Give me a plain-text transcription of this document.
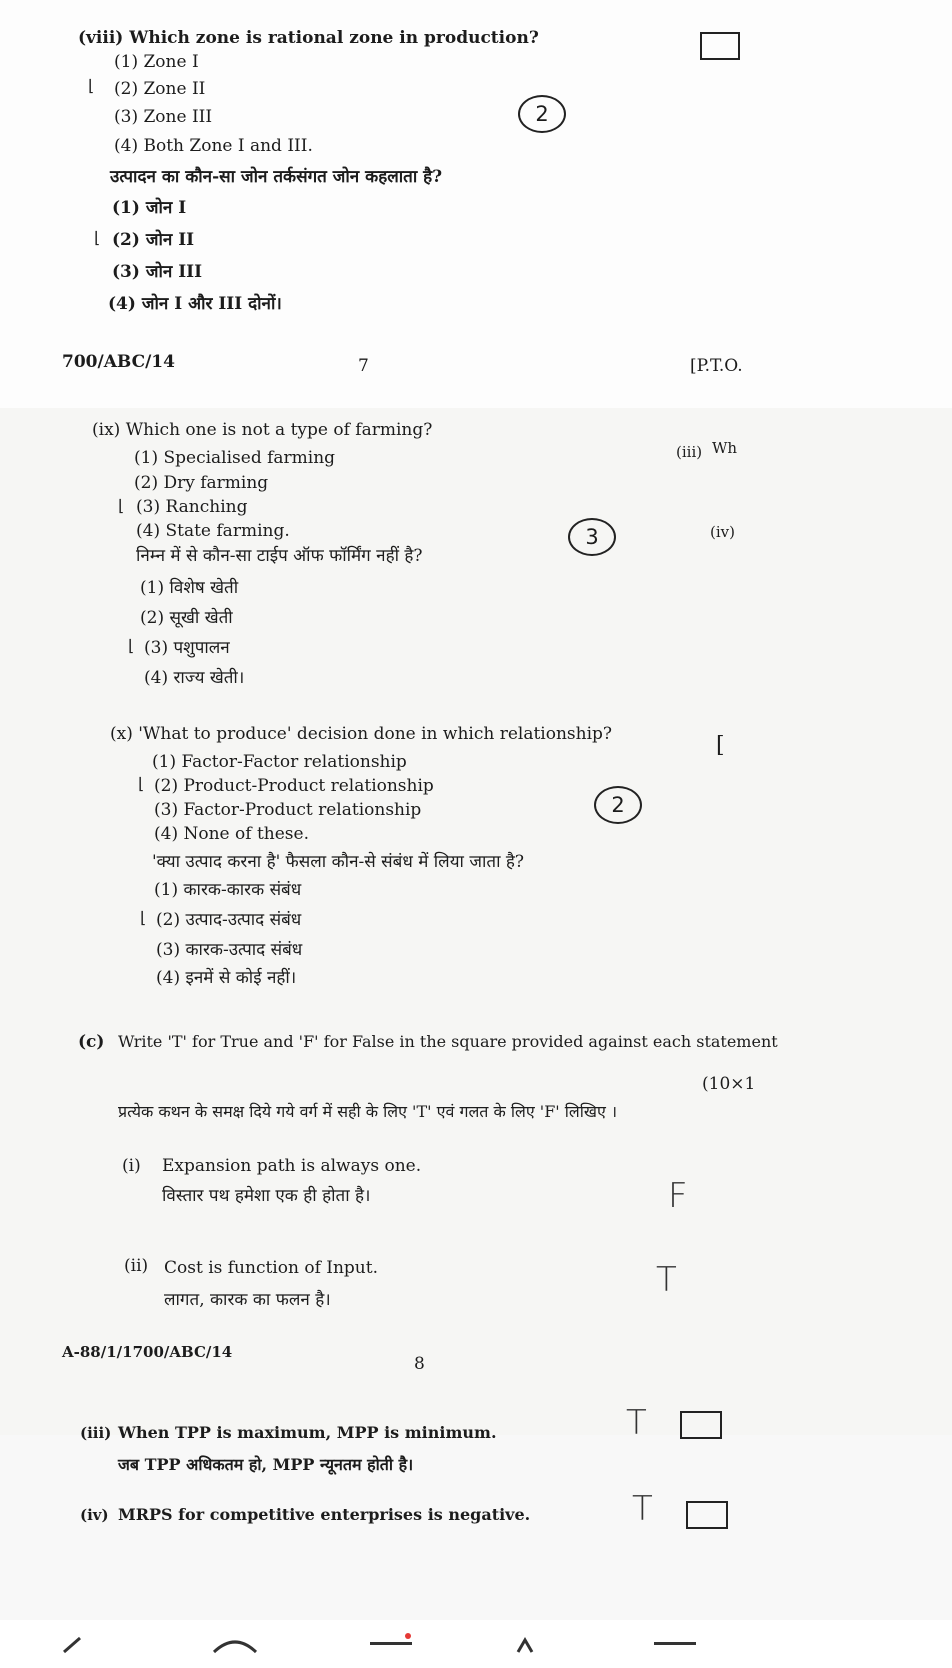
(viii) Which zone is rational zone in production?
(1) Zone I
⌊ (2) Zone II
(3) Zone III	2
(4) Both Zone I and III.
उत्पादन का कौन-सा जोन तर्कसंगत जोन कहलाता है?
(1) जोन I
⌊ (2) जोन II
(3) जोन III
(4) जोन I और III दोनों।
700/ABC/14	7	[P.T.O.
(ix) Which one is not a type of farming?
(1) Specialised farming
(2) Dry farming
⌊ (3) Ranching
(4) State farming.	3
निम्न में से कौन-सा टाईप ऑफ फॉर्मिंग नहीं है?
(1) विशेष खेती
(2) सूखी खेती
⌊ (3) पशुपालन
(4) राज्य खेती।
(iii) Wh
(iv)
[
(x) 'What to produce' decision done in which relationship?
(1) Factor-Factor relationship
⌊ (2) Product-Product relationship
(3) Factor-Product relationship	2
(4) None of these.
'क्या उत्पाद करना है' फैसला कौन-से संबंध में लिया जाता है?
(1) कारक-कारक संबंध
⌊ (2) उत्पाद-उत्पाद संबंध
(3) कारक-उत्पाद संबंध
(4) इनमें से कोई नहीं।
(c) Write 'T' for True and 'F' for False in the square provided against each statement
(10×1
प्रत्येक कथन के समक्ष दिये गये वर्ग में सही के लिए 'T' एवं गलत के लिए 'F' लिखिए ।
(i) Expansion path is always one.
विस्तार पथ हमेशा एक ही होता है।	F
(ii) Cost is function of Input.
लागत, कारक का फलन है।	T
A-88/1/1700/ABC/14
8
(iii) When TPP is maximum, MPP is minimum.
जब TPP अधिकतम हो, MPP न्यूनतम होती है।
T
(iv) MRPS for competitive enterprises is negative.	T
